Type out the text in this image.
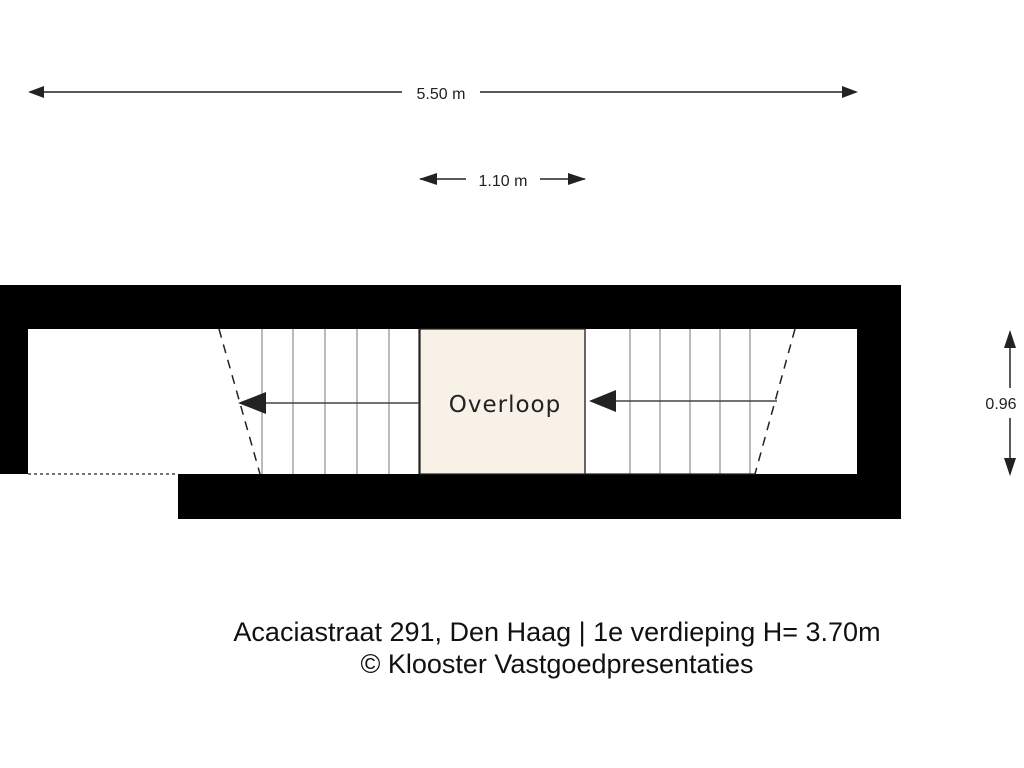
5.50 m
1.10 m
0.96
Overloop
Acaciastraat 291, Den Haag | 1e verdieping H= 3.70m
© Klooster Vastgoedpresentaties
